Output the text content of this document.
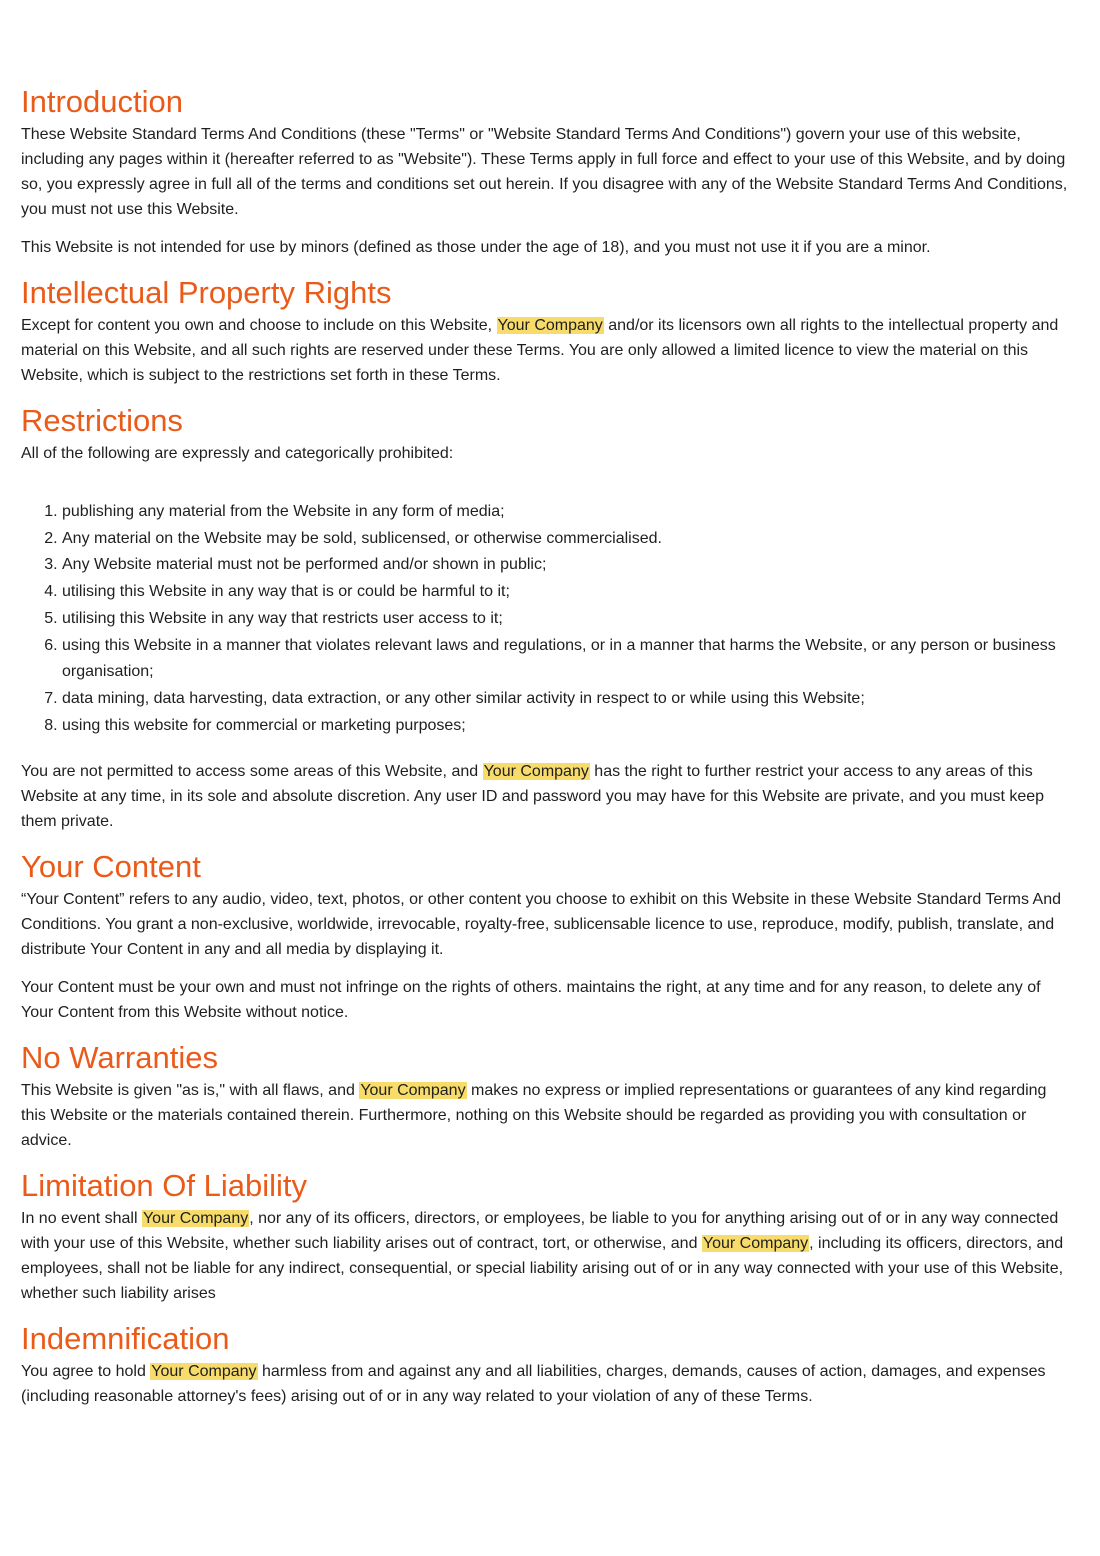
Introduction

These Website Standard Terms And Conditions (these "Terms" or "Website Standard Terms And Conditions") govern your use of this website, including any pages within it (hereafter referred to as "Website"). These Terms apply in full force and effect to your use of this Website, and by doing so, you expressly agree in full all of the terms and conditions set out herein. If you disagree with any of the Website Standard Terms And Conditions, you must not use this Website.

This Website is not intended for use by minors (defined as those under the age of 18), and you must not use it if you are a minor.

Intellectual Property Rights

Except for content you own and choose to include on this Website, Your Company and/or its licensors own all rights to the intellectual property and material on this Website, and all such rights are reserved under these Terms. You are only allowed a limited licence to view the material on this Website, which is subject to the restrictions set forth in these Terms.

Restrictions

All of the following are expressly and categorically prohibited:

1. publishing any material from the Website in any form of media;
2. Any material on the Website may be sold, sublicensed, or otherwise commercialised.
3. Any Website material must not be performed and/or shown in public;
4. utilising this Website in any way that is or could be harmful to it;
5. utilising this Website in any way that restricts user access to it;
6. using this Website in a manner that violates relevant laws and regulations, or in a manner that harms the Website, or any person or business organisation;
7. data mining, data harvesting, data extraction, or any other similar activity in respect to or while using this Website;
8. using this website for commercial or marketing purposes;

You are not permitted to access some areas of this Website, and Your Company has the right to further restrict your access to any areas of this Website at any time, in its sole and absolute discretion. Any user ID and password you may have for this Website are private, and you must keep them private.

Your Content

“Your Content” refers to any audio, video, text, photos, or other content you choose to exhibit on this Website in these Website Standard Terms And Conditions. You grant a non-exclusive, worldwide, irrevocable, royalty-free, sublicensable licence to use, reproduce, modify, publish, translate, and distribute Your Content in any and all media by displaying it.

Your Content must be your own and must not infringe on the rights of others. maintains the right, at any time and for any reason, to delete any of Your Content from this Website without notice.

No Warranties

This Website is given "as is," with all flaws, and Your Company makes no express or implied representations or guarantees of any kind regarding this Website or the materials contained therein. Furthermore, nothing on this Website should be regarded as providing you with consultation or advice.

Limitation Of Liability

In no event shall Your Company, nor any of its officers, directors, or employees, be liable to you for anything arising out of or in any way connected with your use of this Website, whether such liability arises out of contract, tort, or otherwise, and Your Company, including its officers, directors, and employees, shall not be liable for any indirect, consequential, or special liability arising out of or in any way connected with your use of this Website, whether such liability arises

Indemnification

You agree to hold Your Company harmless from and against any and all liabilities, charges, demands, causes of action, damages, and expenses (including reasonable attorney's fees) arising out of or in any way related to your violation of any of these Terms.
